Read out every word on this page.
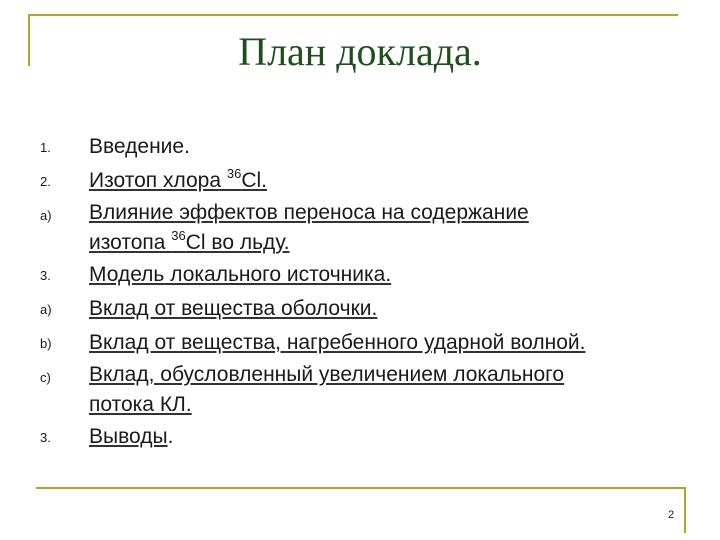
План доклада.
1. Введение.
2. Изотоп хлора $^{36}$Cl.
a) Влияние эффектов переноса на содержание
изотопа $^{36}$Cl во льду.
3. Модель локального источника.
a) Вклад от вещества оболочки.
b) Вклад от вещества, нагребенного ударной волной.
c) Вклад, обусловленный увеличением локального
потока КЛ.
3. Выводы.
2
